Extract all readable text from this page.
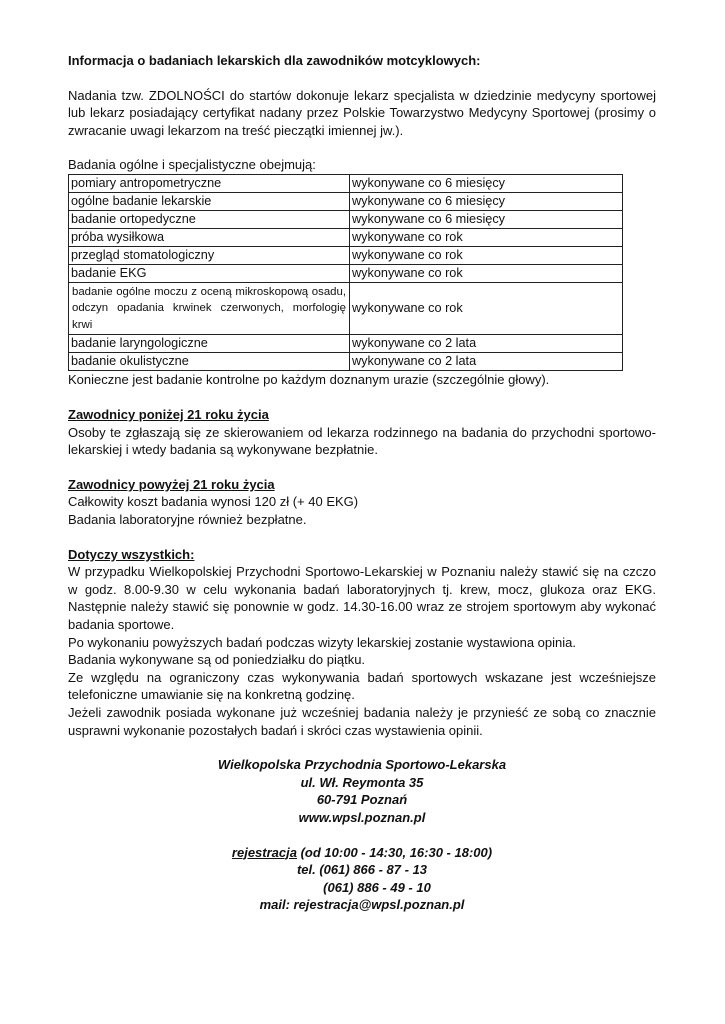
Informacja o badaniach lekarskich dla zawodników motcyklowych:

Nadania tzw. ZDOLNOŚCI do startów dokonuje lekarz specjalista w dziedzinie medycyny sportowej lub lekarz posiadający certyfikat nadany przez Polskie Towarzystwo Medycyny Sportowej (prosimy o zwracanie uwagi lekarzom na treść pieczątki imiennej jw.).

Badania ogólne i specjalistyczne obejmują:

pomiary antropometryczne	wykonywane co 6 miesięcy
ogólne badanie lekarskie	wykonywane co 6 miesięcy
badanie ortopedyczne	wykonywane co 6 miesięcy
próba wysiłkowa	wykonywane co rok
przegląd stomatologiczny	wykonywane co rok
badanie EKG	wykonywane co rok
badanie ogólne moczu z oceną mikroskopową osadu, odczyn opadania krwinek czerwonych, morfologię krwi	wykonywane co rok
badanie laryngologiczne	wykonywane co 2 lata
badanie okulistyczne	wykonywane co 2 lata

Konieczne jest badanie kontrolne po każdym doznanym urazie (szczególnie głowy).

Zawodnicy poniżej 21 roku życia

Osoby te zgłaszają się ze skierowaniem od lekarza rodzinnego na badania do przychodni sportowo-lekarskiej i wtedy badania są wykonywane bezpłatnie.

Zawodnicy powyżej 21 roku życia

Całkowity koszt badania wynosi 120 zł (+ 40 EKG)

Badania laboratoryjne również bezpłatne.

Dotyczy wszystkich:

W przypadku Wielkopolskiej Przychodni Sportowo-Lekarskiej w Poznaniu należy stawić się na czczo w godz. 8.00-9.30 w celu wykonania badań laboratoryjnych tj. krew, mocz, glukoza oraz EKG. Następnie należy stawić się ponownie w godz. 14.30-16.00 wraz ze strojem sportowym aby wykonać badania sportowe.

Po wykonaniu powyższych badań podczas wizyty lekarskiej zostanie wystawiona opinia.

Badania wykonywane są od poniedziałku do piątku.

Ze względu na ograniczony czas wykonywania badań sportowych wskazane jest wcześniejsze telefoniczne umawianie się na konkretną godzinę.

Jeżeli zawodnik posiada wykonane już wcześniej badania należy je przynieść ze sobą co znacznie usprawni wykonanie pozostałych badań i skróci czas wystawienia opinii.

Wielkopolska Przychodnia Sportowo-Lekarska

ul. Wł. Reymonta 35

60-791 Poznań

www.wpsl.poznan.pl

rejestracja (od 10:00 - 14:30, 16:30 - 18:00)

tel. (061) 866 - 87 - 13

(061) 886 - 49 - 10

mail: rejestracja@wpsl.poznan.pl
